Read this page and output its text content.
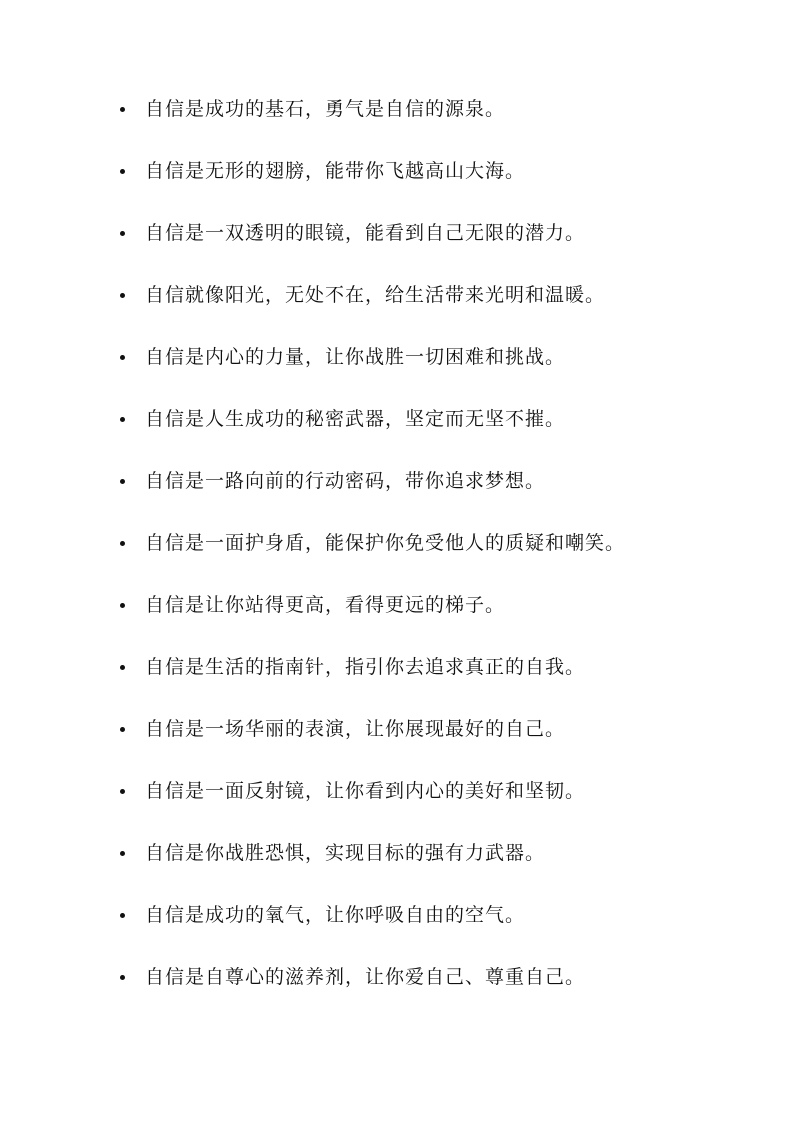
自信是成功的基石，勇气是自信的源泉。
自信是无形的翅膀，能带你飞越高山大海。
自信是一双透明的眼镜，能看到自己无限的潜力。
自信就像阳光，无处不在，给生活带来光明和温暖。
自信是内心的力量，让你战胜一切困难和挑战。
自信是人生成功的秘密武器，坚定而无坚不摧。
自信是一路向前的行动密码，带你追求梦想。
自信是一面护身盾，能保护你免受他人的质疑和嘲笑。
自信是让你站得更高，看得更远的梯子。
自信是生活的指南针，指引你去追求真正的自我。
自信是一场华丽的表演，让你展现最好的自己。
自信是一面反射镜，让你看到内心的美好和坚韧。
自信是你战胜恐惧，实现目标的强有力武器。
自信是成功的氧气，让你呼吸自由的空气。
自信是自尊心的滋养剂，让你爱自己、尊重自己。
